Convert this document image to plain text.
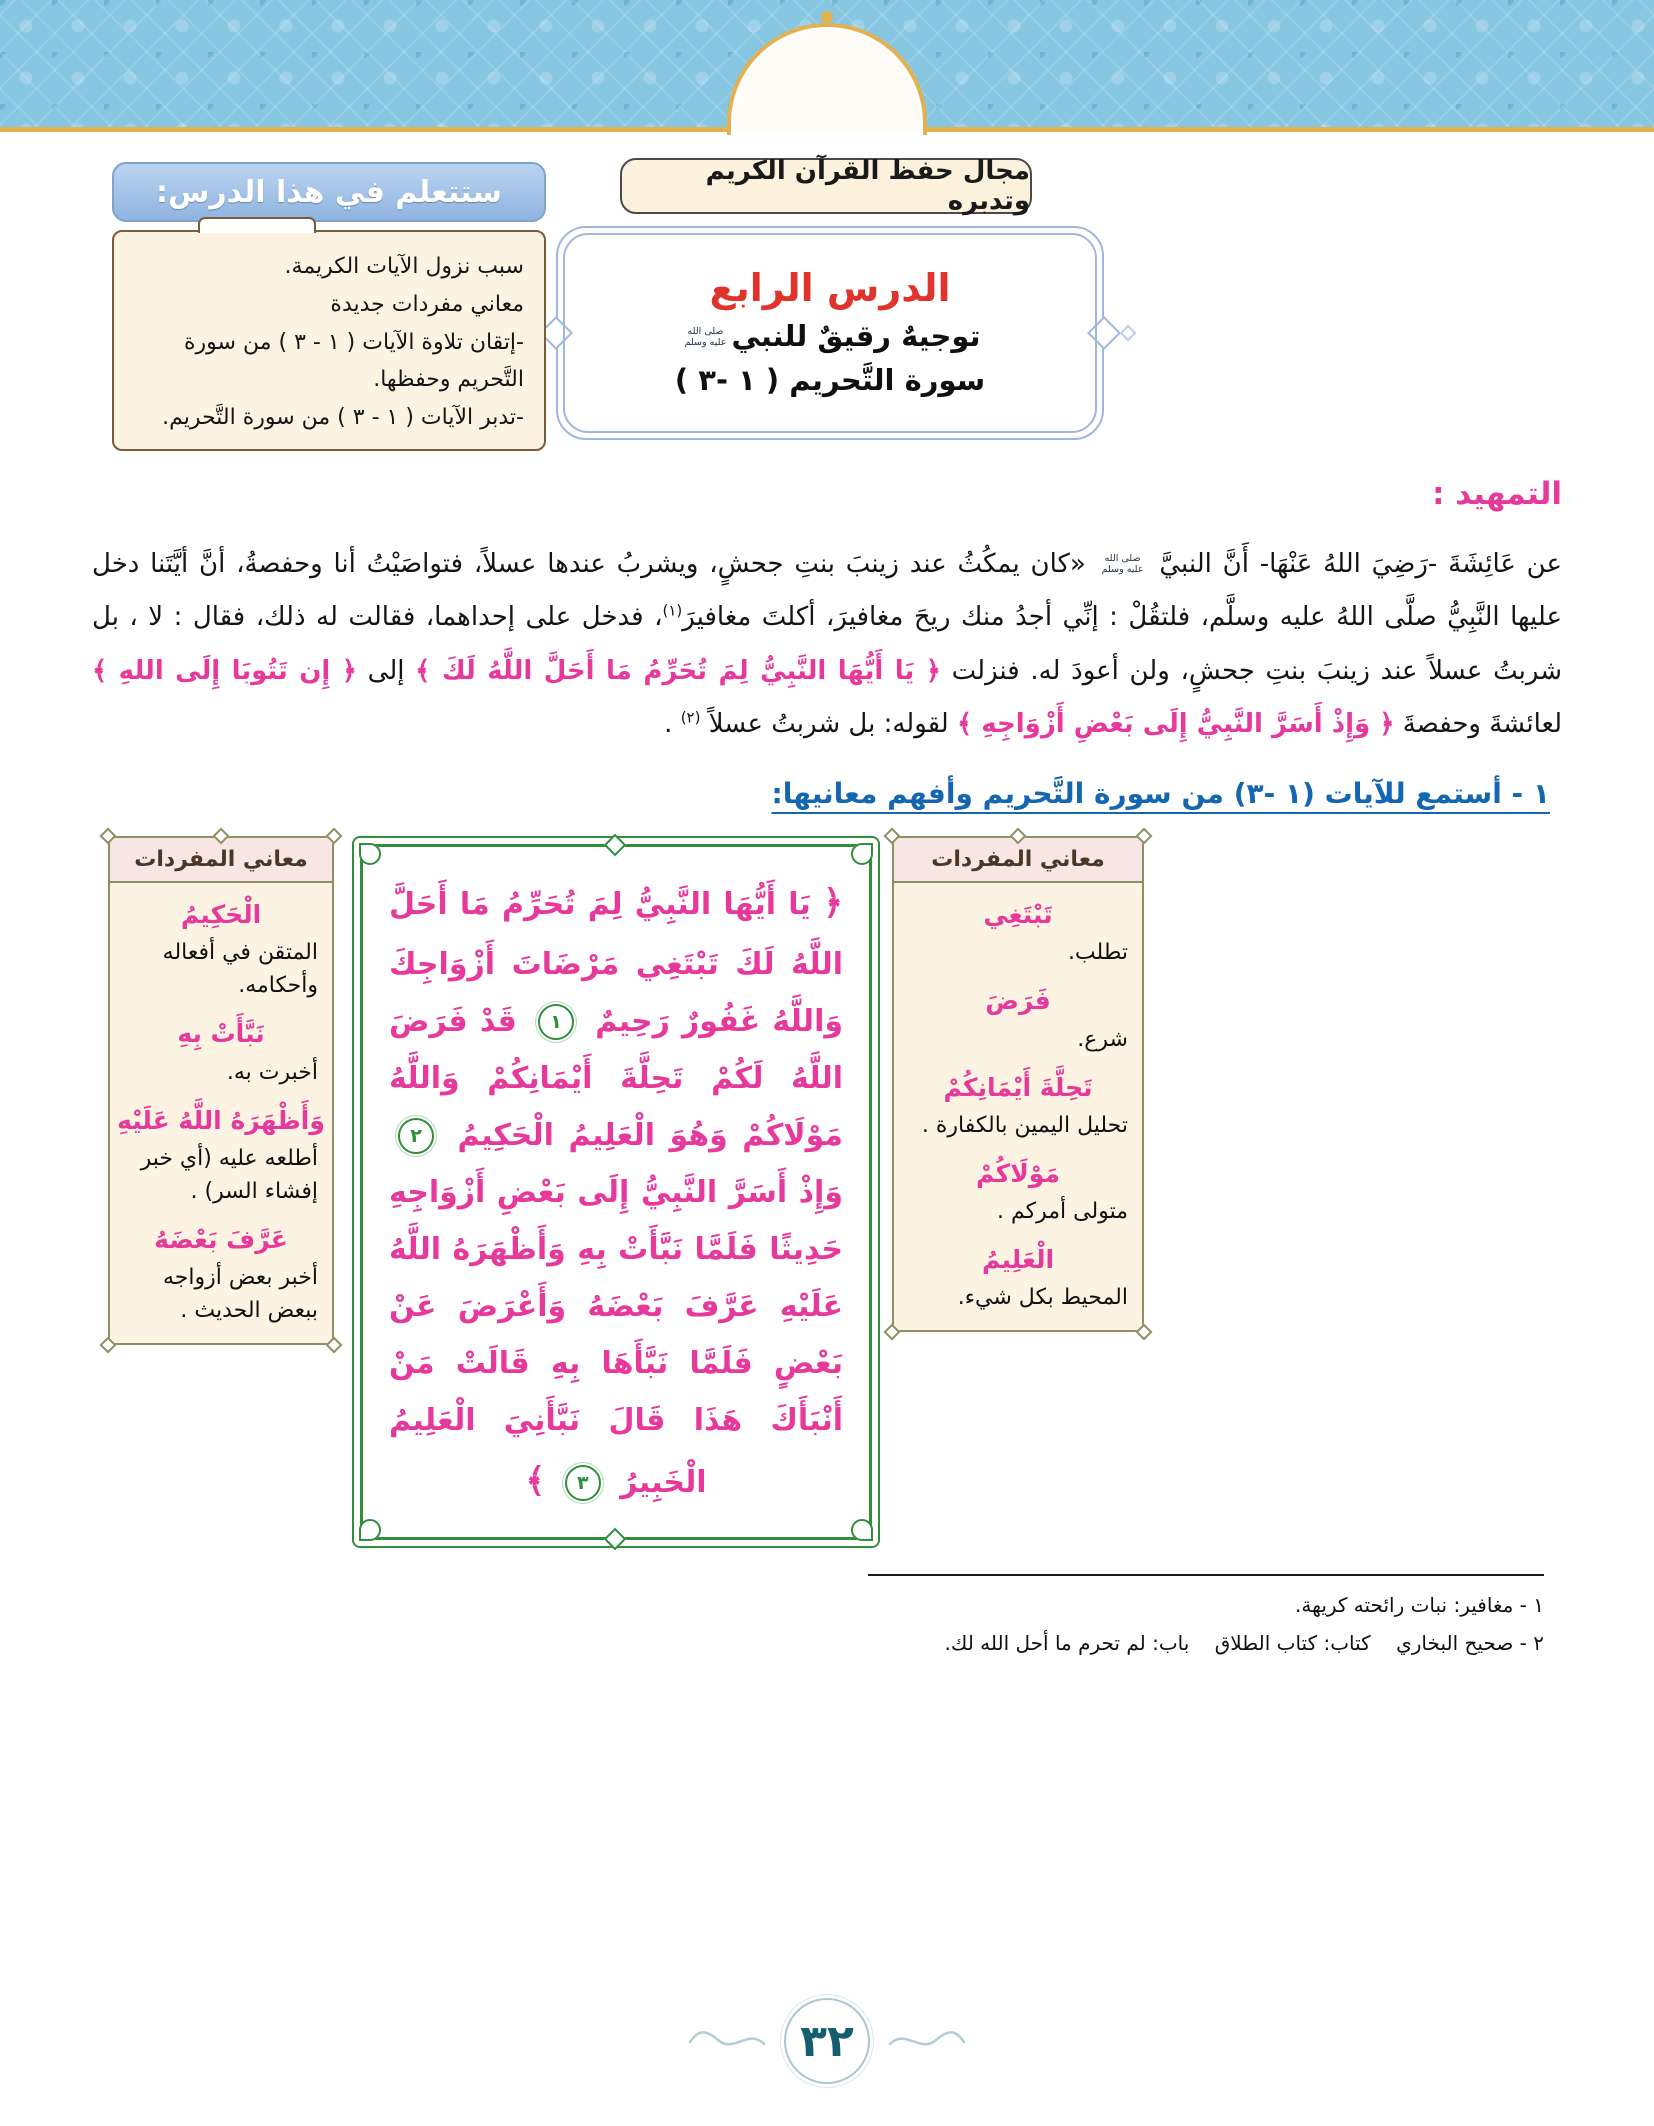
مجال حفظ القرآن الكريم وتدبره
الدرس الرابع
توجيهٌ رقيقٌ للنبيصلى الله عليه وسلم
سورة التَّحريم ( ١ -٣ )
ستتعلم في هذا الدرس:
سبب نزول الآيات الكريمة.
معاني مفردات جديدة
-إتقان تلاوة الآيات ( ١ - ٣ ) من سورة التَّحريم وحفظها.
-تدبر الآيات ( ١ - ٣ ) من سورة التَّحريم.
التمهيد :

عن عَائِشَةَ -رَضِيَ اللهُ عَنْهَا- أَنَّ النبيَّ صلى الله عليه وسلم «كان يمكُثُ عند زينبَ بنتِ جحشٍ، ويشربُ عندها عسلاً، فتواصَيْتُ أنا وحفصةُ، أنَّ أيَّتَنا دخل عليها النَّبِيُّ صلَّى اللهُ عليه وسلَّم، فلتقُلْ : إنِّي أجدُ منك ريحَ مغافيرَ، أكلتَ مغافيرَ$^{(١)}$، فدخل على إحداهما، فقالت له ذلك، فقال : لا ، بل شربتُ عسلاً عند زينبَ بنتِ جحشٍ، ولن أعودَ له. فنزلت ﴿ يَا أَيُّهَا النَّبِيُّ لِمَ تُحَرِّمُ مَا أَحَلَّ اللَّهُ لَكَ ﴾ إلى ﴿ إِن تَتُوبَا إِلَى اللهِ ﴾ لعائشةَ وحفصةَ ﴿ وَإِذْ أَسَرَّ النَّبِيُّ إِلَى بَعْضِ أَزْوَاجِهِ ﴾ لقوله: بل شربتُ عسلاً $^{(٢)}$ .

١ - أستمع للآيات (١ -٣) من سورة التَّحريم وأفهم معانيها:
معاني المفردات
تَبْتَغِي
تطلب.
فَرَضَ
شرع.
تَحِلَّةَ أَيْمَانِكُمْ
تحليل اليمين بالكفارة .
مَوْلَاكُمْ
متولى أمركم .
الْعَلِيمُ
المحيط بكل شيء.
﴿ يَا أَيُّهَا النَّبِيُّ لِمَ تُحَرِّمُ مَا أَحَلَّ اللَّهُ لَكَ تَبْتَغِي مَرْضَاتَ أَزْوَاجِكَ وَاللَّهُ غَفُورٌ رَحِيمٌ ١ قَدْ فَرَضَ اللَّهُ لَكُمْ تَحِلَّةَ أَيْمَانِكُمْ وَاللَّهُ مَوْلَاكُمْ وَهُوَ الْعَلِيمُ الْحَكِيمُ ٢ وَإِذْ أَسَرَّ النَّبِيُّ إِلَى بَعْضِ أَزْوَاجِهِ حَدِيثًا فَلَمَّا نَبَّأَتْ بِهِ وَأَظْهَرَهُ اللَّهُ عَلَيْهِ عَرَّفَ بَعْضَهُ وَأَعْرَضَ عَنْ بَعْضٍ فَلَمَّا نَبَّأَهَا بِهِ قَالَتْ مَنْ أَنْبَأَكَ هَذَا قَالَ نَبَّأَنِيَ الْعَلِيمُ الْخَبِيرُ ٣ ﴾
معاني المفردات
الْحَكِيمُ
المتقن في أفعاله وأحكامه.
نَبَّأَتْ بِهِ
أخبرت به.
وَأَظْهَرَهُ اللَّهُ عَلَيْهِ
أطلعه عليه (أي خبر إفشاء السر) .
عَرَّفَ بَعْضَهُ
أخبر بعض أزواجه ببعض الحديث .
١ - مغافير: نبات رائحته كريهة.
٢ - صحيح البخاري    كتاب: كتاب الطلاق    باب: لم تحرم ما أحل الله لك.
٣٢
